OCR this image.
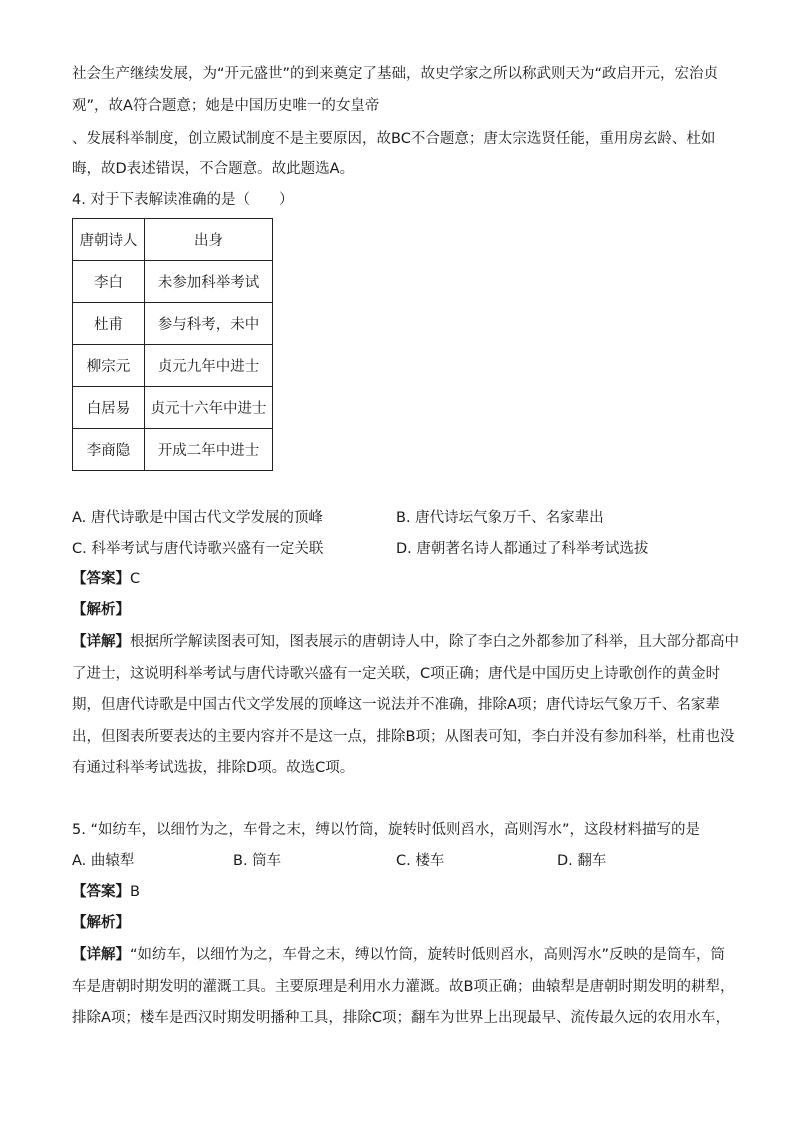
社会生产继续发展，为“开元盛世”的到来奠定了基础，故史学家之所以称武则天为“政启开元，宏治贞
观”，故A符合题意；她是中国历史唯一的女皇帝
、发展科举制度，创立殿试制度不是主要原因，故BC不合题意；唐太宗选贤任能，重用房玄龄、杜如
晦，故D表述错误，不合题意。故此题选A。
4. 对于下表解读准确的是（　　）
唐朝诗人	出身
李白	未参加科举考试
杜甫	参与科考，未中
柳宗元	贞元九年中进士
白居易	贞元十六年中进士
李商隐	开成二年中进士
A. 唐代诗歌是中国古代文学发展的顶峰	B. 唐代诗坛气象万千、名家辈出
C. 科举考试与唐代诗歌兴盛有一定关联	D. 唐朝著名诗人都通过了科举考试选拔
【答案】C
【解析】
【详解】根据所学解读图表可知，图表展示的唐朝诗人中，除了李白之外都参加了科举，且大部分都高中
了进士，这说明科举考试与唐代诗歌兴盛有一定关联，C项正确；唐代是中国历史上诗歌创作的黄金时
期，但唐代诗歌是中国古代文学发展的顶峰这一说法并不准确，排除A项；唐代诗坛气象万千、名家辈
出，但图表所要表达的主要内容并不是这一点，排除B项；从图表可知，李白并没有参加科举，杜甫也没
有通过科举考试选拔，排除D项。故选C项。
5. “如纺车，以细竹为之，车骨之末，缚以竹筒，旋转时低则舀水，高则泻水”，这段材料描写的是
A. 曲辕犁	B. 筒车	C. 楼车	D. 翻车
【答案】B
【解析】
【详解】“如纺车，以细竹为之，车骨之末，缚以竹筒，旋转时低则舀水，高则泻水”反映的是筒车，筒
车是唐朝时期发明的灌溉工具。主要原理是利用水力灌溉。故B项正确；曲辕犁是唐朝时期发明的耕犁，
排除A项；楼车是西汉时期发明播种工具，排除C项；翻车为世界上出现最早、流传最久远的农用水车，
